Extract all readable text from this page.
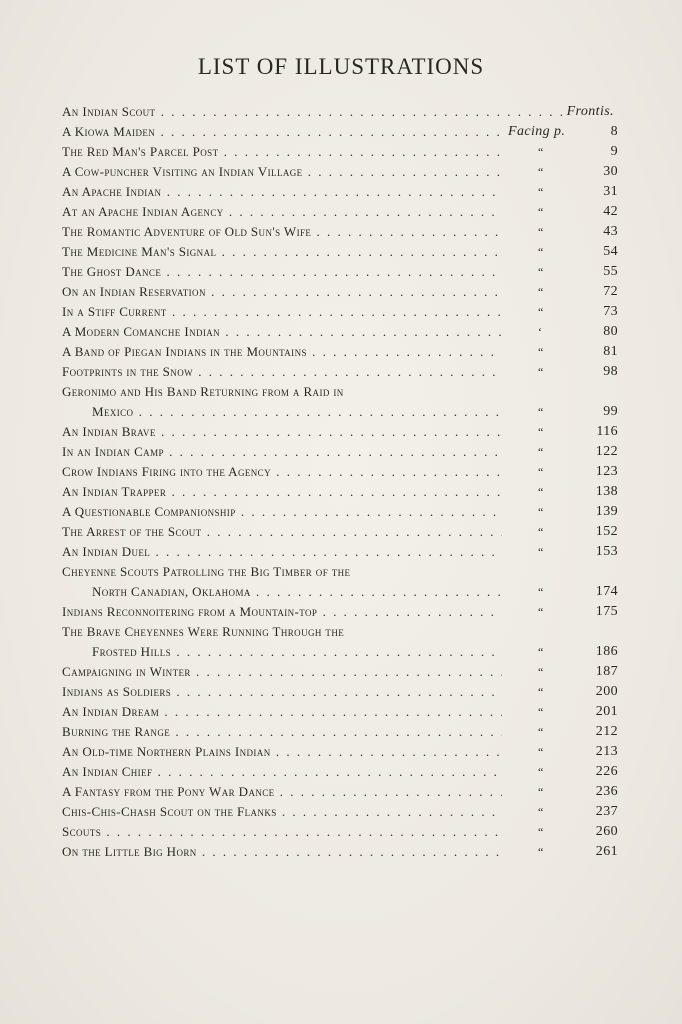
LIST OF ILLUSTRATIONS
An Indian Scout . . .	Frontis.
A Kiowa Maiden . . .	Facing p.	8
The Red Man's Parcel Post . . .	“	9
A Cow-puncher Visiting an Indian Village . . .	“	30
An Apache Indian . . .	“	31
At an Apache Indian Agency . . .	“	42
The Romantic Adventure of Old Sun's Wife . . .	“	43
The Medicine Man's Signal . . .	“	54
The Ghost Dance . . .	“	55
On an Indian Reservation . . .	“	72
In a Stiff Current . . .	“	73
A Modern Comanche Indian . . .	‘	80
A Band of Piegan Indians in the Mountains . . .	“	81
Footprints in the Snow . . .	“	98
Geronimo and His Band Returning from a Raid in
Mexico . . .	“	99
An Indian Brave . . .	“	116
In an Indian Camp . . .	“	122
Crow Indians Firing into the Agency . . .	“	123
An Indian Trapper . . .	“	138
A Questionable Companionship . . .	“	139
The Arrest of the Scout . . .	“	152
An Indian Duel . . .	“	153
Cheyenne Scouts Patrolling the Big Timber of the
North Canadian, Oklahoma . . .	“	174
Indians Reconnoitering from a Mountain-top . . .	“	175
The Brave Cheyennes Were Running Through the
Frosted Hills . . .	“	186
Campaigning in Winter . . .	“	187
Indians as Soldiers . . .	“	200
An Indian Dream . . .	“	201
Burning the Range . . .	“	212
An Old-time Northern Plains Indian . . .	“	213
An Indian Chief . . .	“	226
A Fantasy from the Pony War Dance . . .	“	236
Chis-Chis-Chash Scout on the Flanks . . .	“	237
Scouts . . .	“	260
On the Little Big Horn . . .	“	261
